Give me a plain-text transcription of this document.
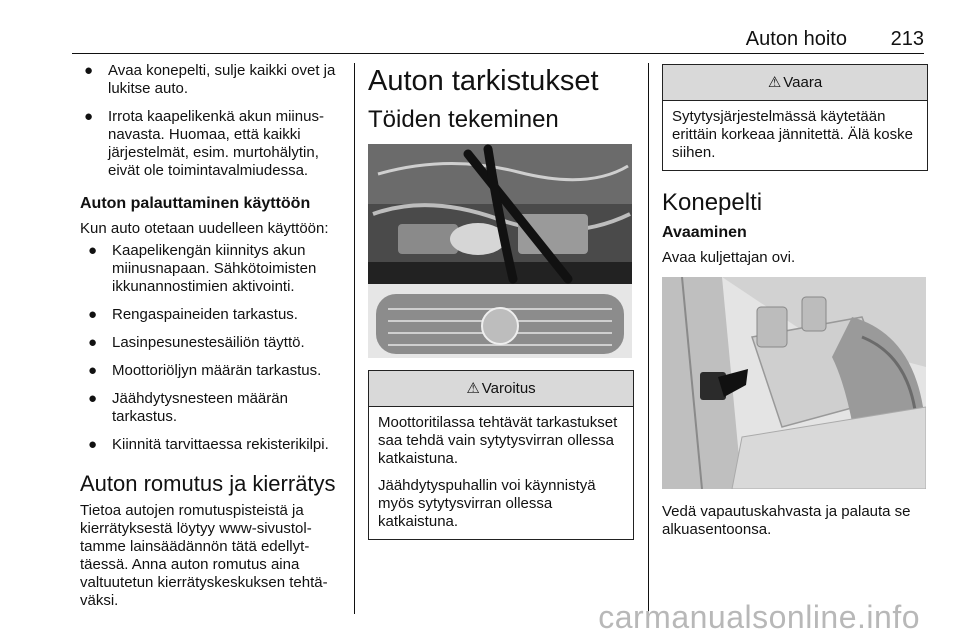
Auton hoito 213
● Avaa konepelti, sulje kaikki ovet ja lukitse auto.
● Irrota kaapelikenkä akun miinusnavasta. Huomaa, että kaikki järjestelmät, esim. murtohälytin, eivät ole toimintavalmiudessa.
Auton palauttaminen käyttöön

Kun auto otetaan uudelleen käyttöön:

● Kaapelikengän kiinnitys akun miinusnapaan. Sähkötoimisten ikkunannostimien aktivointi.
● Rengaspaineiden tarkastus.
● Lasinpesunestesäiliön täyttö.
● Moottoriöljyn määrän tarkastus.
● Jäähdytysnesteen määrän tarkastus.
● Kiinnitä tarvittaessa rekisterikilpi.
Auton romutus ja kierrätys

Tietoa autojen romutuspisteistä ja kierrätyksestä löytyy www-sivustoltamme lainsäädännön tätä edellyttäessä. Anna auton romutus aina valtuutetun kierrätyskeskuksen tehtäväksi.

Auton tarkistukset
Töiden tekeminen
⚠ Varoitus

Moottoritilassa tehtävät tarkastukset saa tehdä vain sytytysvirran ollessa katkaistuna.

Jäähdytyspuhallin voi käynnistyä myös sytytysvirran ollessa katkaistuna.

⚠ Vaara

Sytytysjärjestelmässä käytetään erittäin korkeaa jännitettä. Älä koske siihen.

Konepelti
Avaaminen

Avaa kuljettajan ovi.

Vedä vapautuskahvasta ja palauta se alkuasentoonsa.

carmanualsonline.info
